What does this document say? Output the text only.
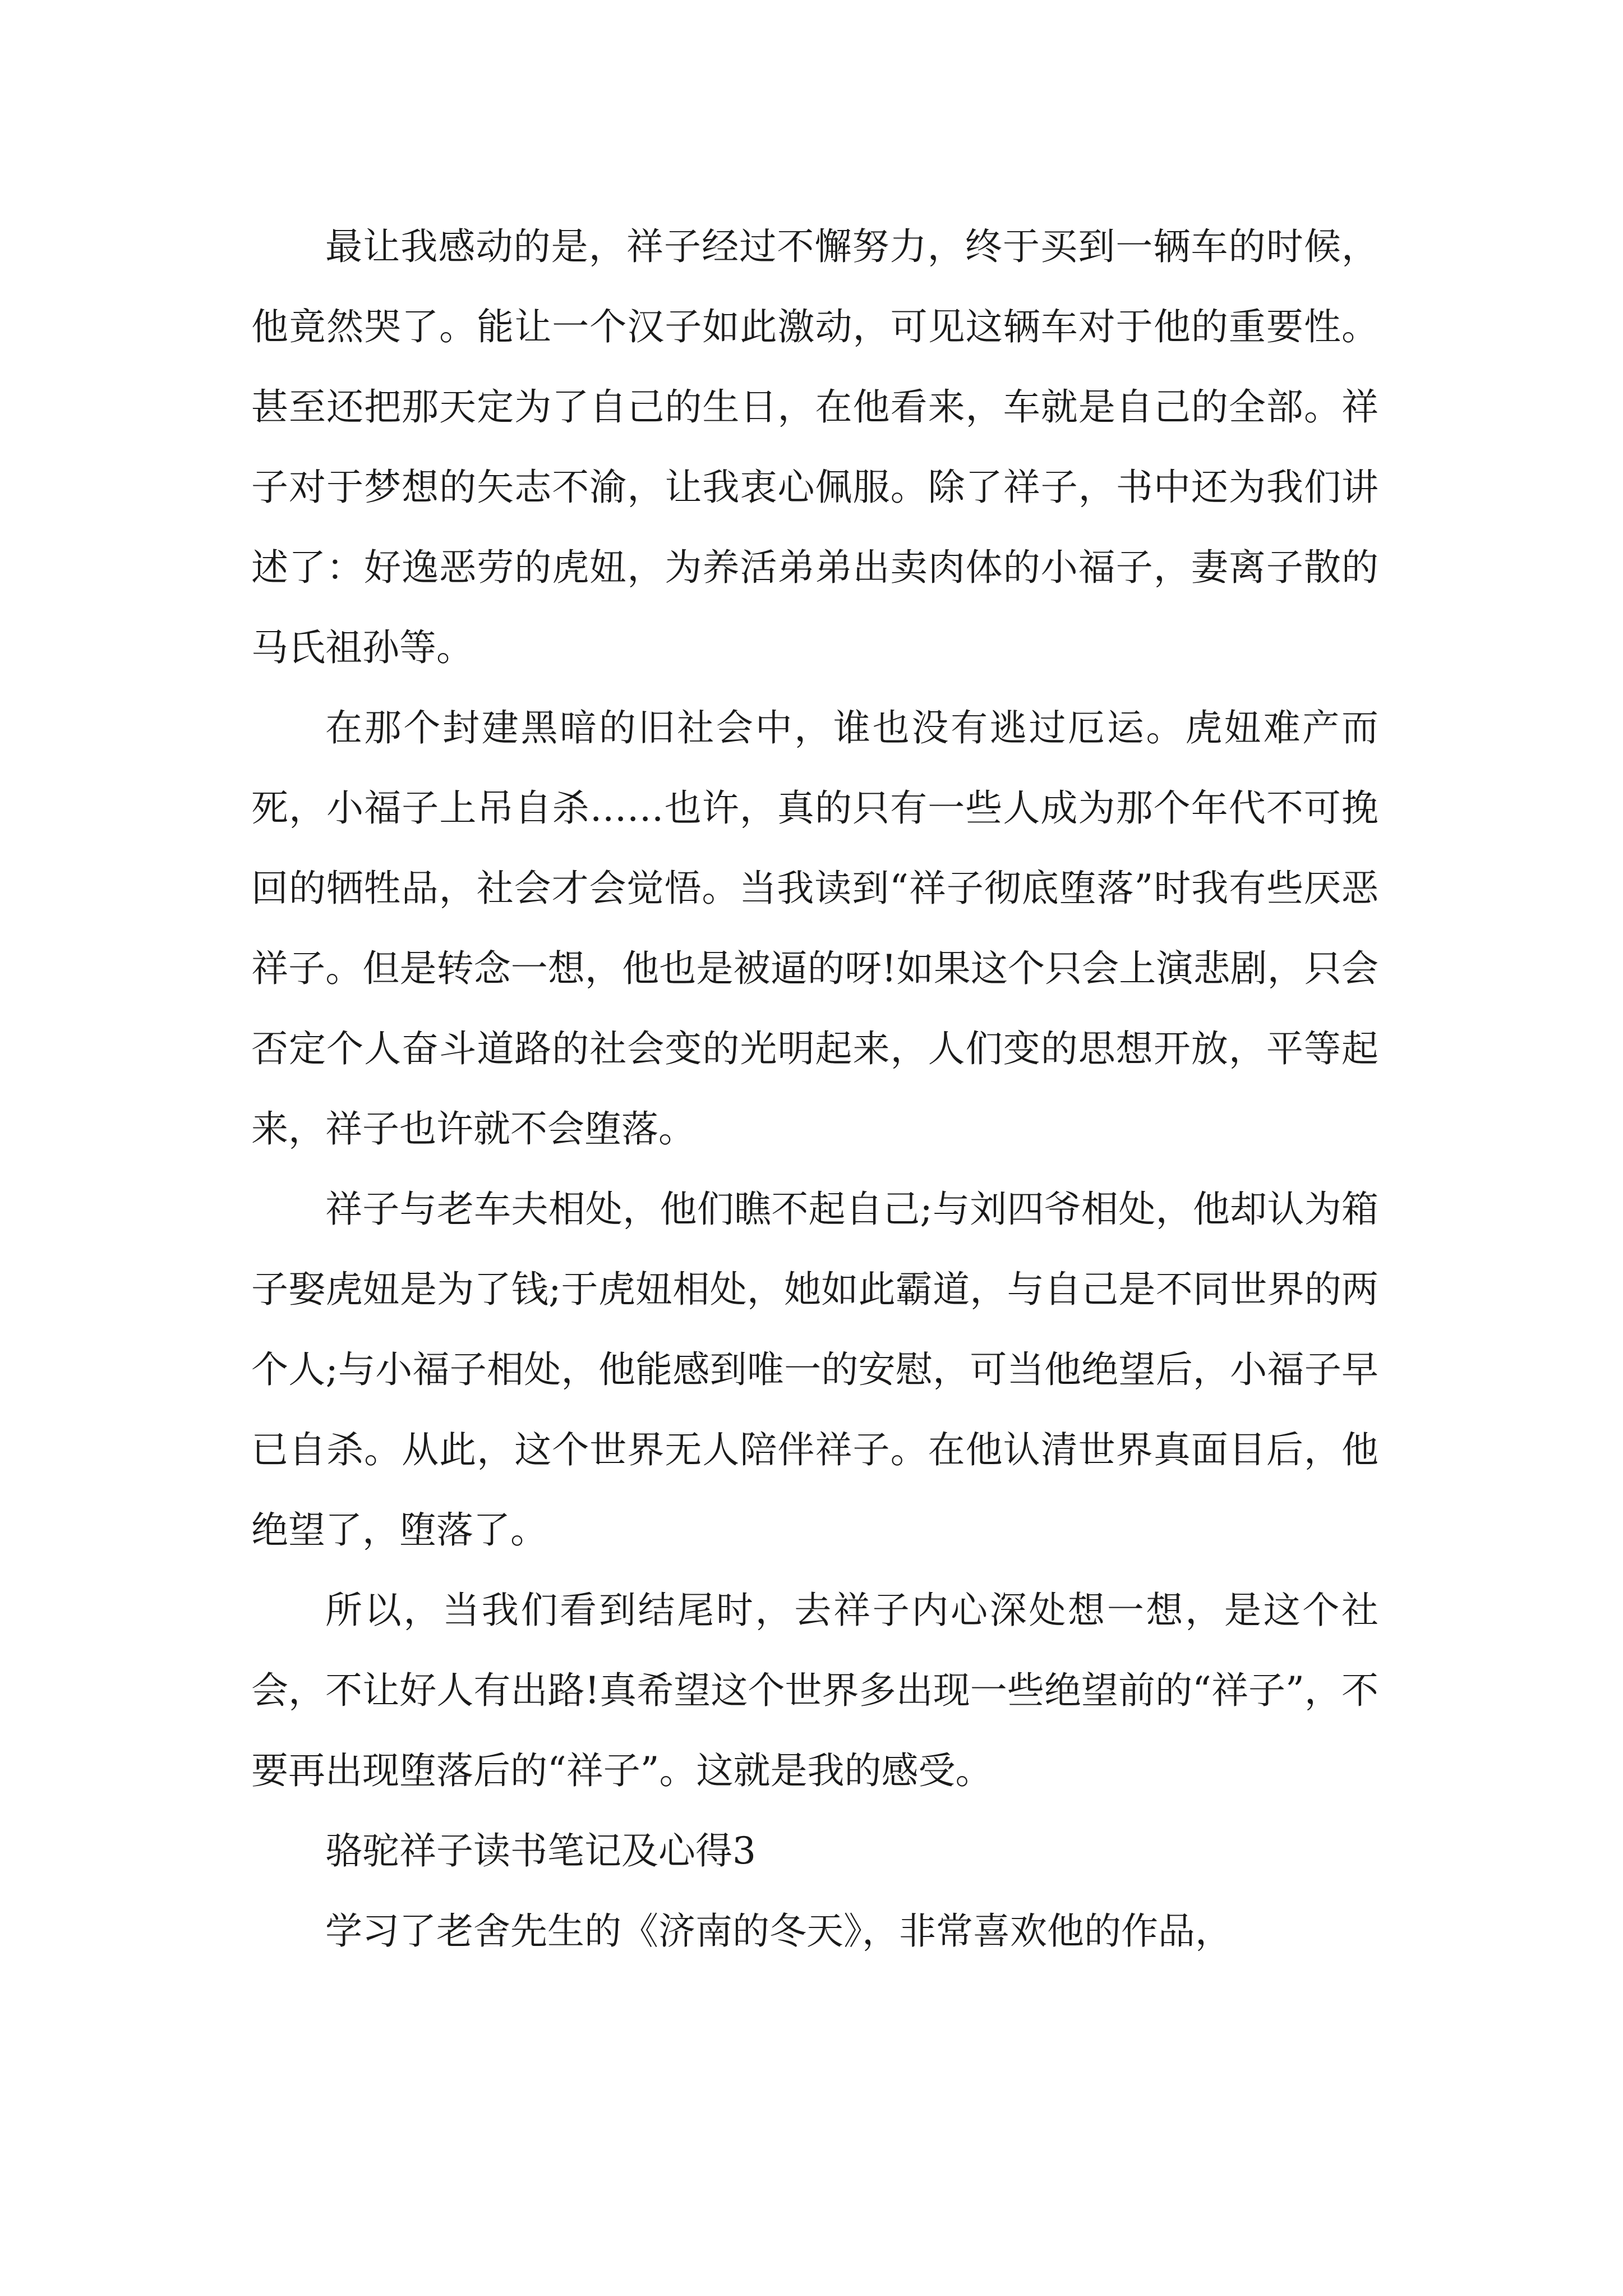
最让我感动的是，祥子经过不懈努力，终于买到一辆车的时候，他竟然哭了。能让一个汉子如此激动，可见这辆车对于他的重要性。甚至还把那天定为了自己的生日，在他看来，车就是自己的全部。祥子对于梦想的矢志不渝，让我衷心佩服。除了祥子，书中还为我们讲述了：好逸恶劳的虎妞，为养活弟弟出卖肉体的小福子，妻离子散的马氏祖孙等。

在那个封建黑暗的旧社会中，谁也没有逃过厄运。虎妞难产而死，小福子上吊自杀……也许，真的只有一些人成为那个年代不可挽回的牺牲品，社会才会觉悟。当我读到“祥子彻底堕落”时我有些厌恶祥子。但是转念一想，他也是被逼的呀!如果这个只会上演悲剧，只会否定个人奋斗道路的社会变的光明起来，人们变的思想开放，平等起来，祥子也许就不会堕落。

祥子与老车夫相处，他们瞧不起自己;与刘四爷相处，他却认为箱子娶虎妞是为了钱;于虎妞相处，她如此霸道，与自己是不同世界的两个人;与小福子相处，他能感到唯一的安慰，可当他绝望后，小福子早已自杀。从此，这个世界无人陪伴祥子。在他认清世界真面目后，他绝望了，堕落了。

所以，当我们看到结尾时，去祥子内心深处想一想，是这个社会，不让好人有出路!真希望这个世界多出现一些绝望前的“祥子”，不要再出现堕落后的“祥子”。这就是我的感受。

骆驼祥子读书笔记及心得3

学习了老舍先生的《济南的冬天》，非常喜欢他的作品，
